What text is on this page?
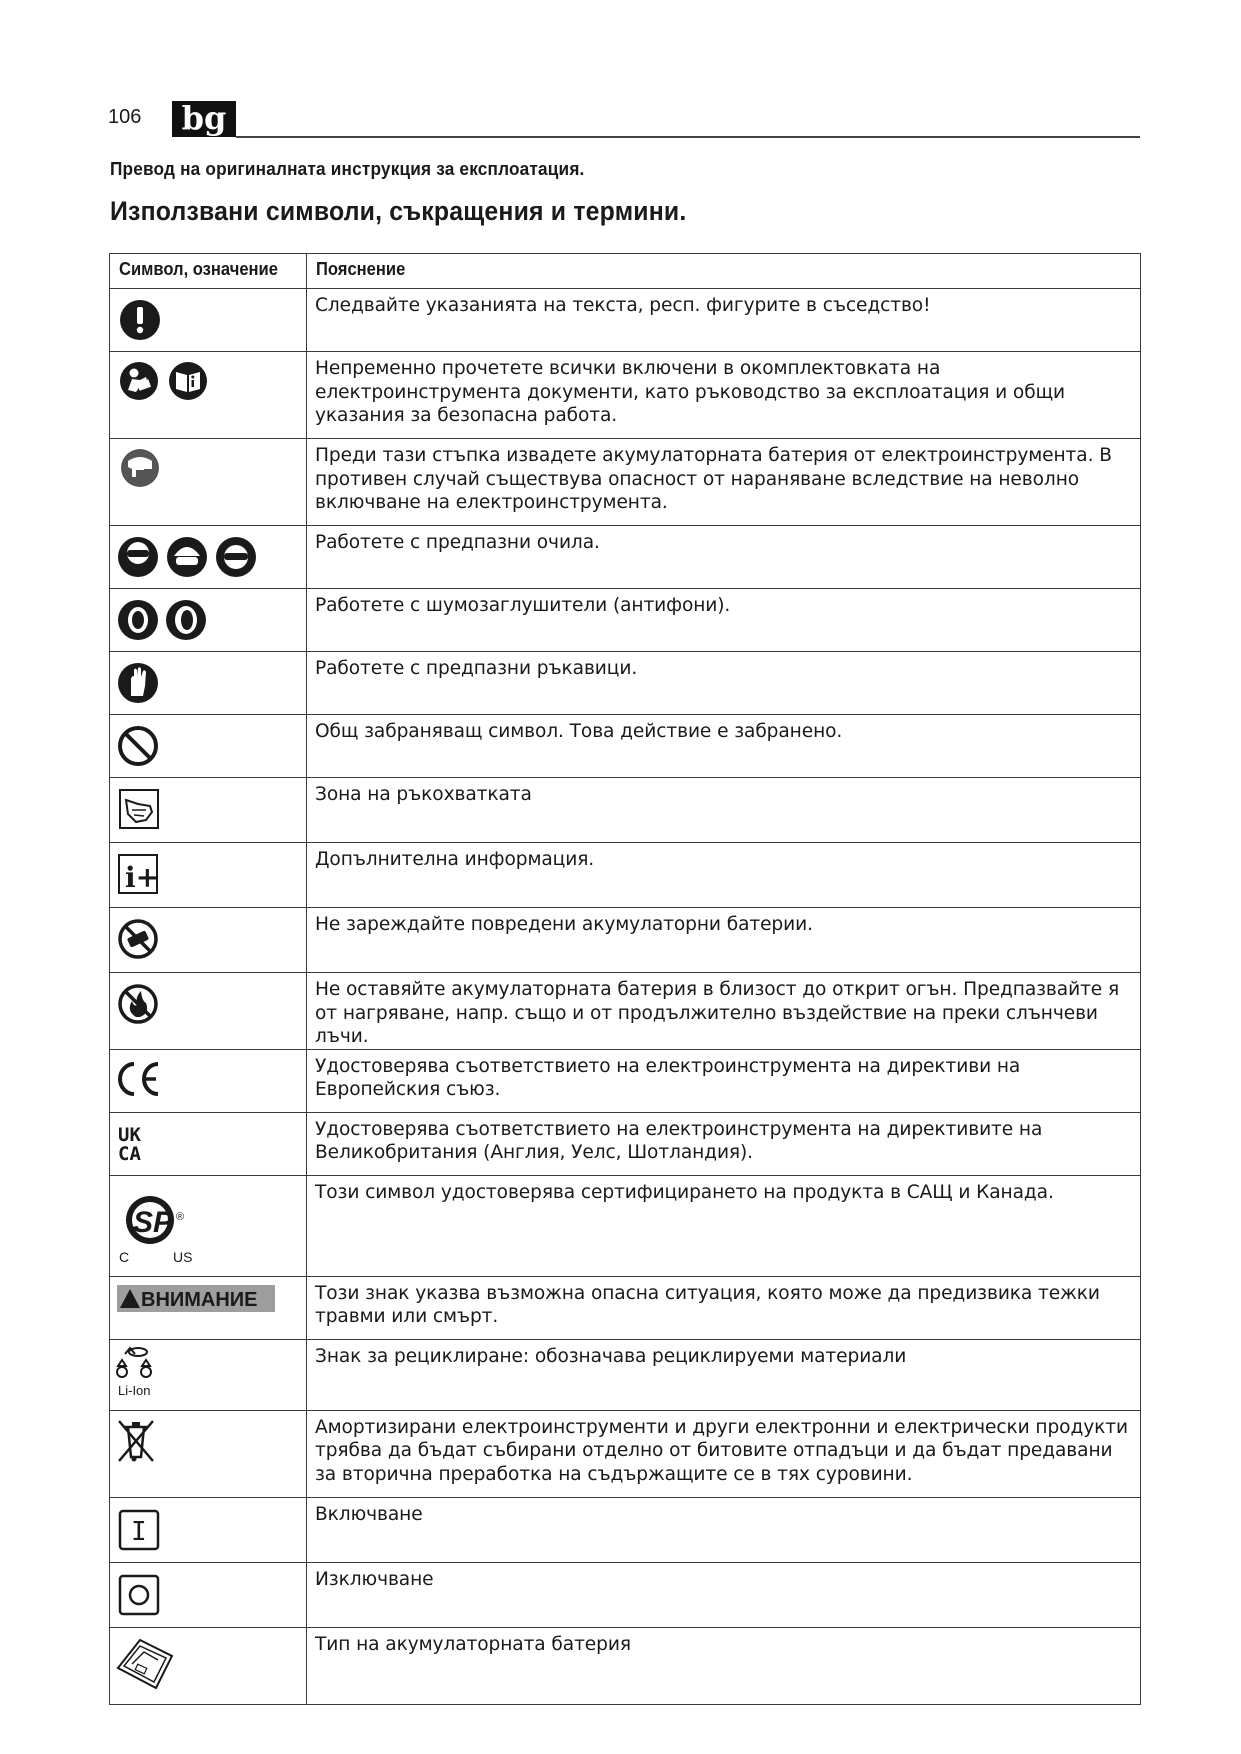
106	bg
Превод на оригиналната инструкция за експлоатация.
Използвани символи, съкращения и термини.
Символ, означение	Пояснение
	Следвайте указанията на текста, респ. фигурите в съседство!
	Непременно прочетете всички включени в окомплектовката на електроинструмента документи, като ръководство за експлоатация и общи указания за безопасна работа.
	Преди тази стъпка извадете акумулаторната батерия от електроинструмента. В противен случай съществува опасност от нараняване вследствие на неволно включване на електроинструмента.
	Работете с предпазни очила.
	Работете с шумозаглушители (антифони).
	Работете с предпазни ръкавици.
	Общ забраняващ символ. Това действие е забранено.
	Зона на ръкохватката

i+	Допълнителна информация.
	Не зареждайте повредени акумулаторни батерии.
	Не оставяйте акумулаторната батерия в близост до открит огън. Предпазвайте я от нагряване, напр. също и от продължително въздействие на преки слънчеви лъчи.
	Удостоверява съответствието на електроинструмента на директиви на Европейския съюз.

UK
CA	Удостоверява съответствието на електроинструмента на директивите на Великобритания (Англия, Уелс, Шотландия).

SP ®
C US	Този символ удостоверява сертифицирането на продукта в САЩ и Канада.

ВНИМАНИЕ	Този знак указва възможна опасна ситуация, която може да предизвика тежки травми или смърт.

Li-Ion	Знак за рециклиране: обозначава рециклируеми материали
	Амортизирани електроинструменти и други електронни и електрически продукти трябва да бъдат събирани отделно от битовите отпадъци и да бъдат предавани за вторична преработка на съдържащите се в тях суровини.

I	Включване
	Изключване
	Тип на акумулаторната батерия
